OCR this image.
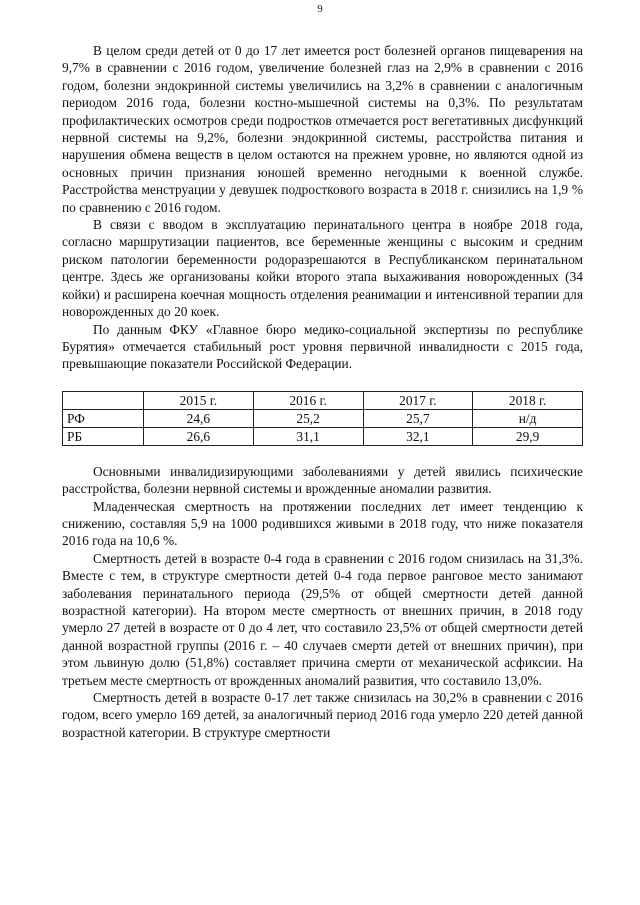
9

В целом среди детей от 0 до 17 лет имеется рост болезней органов пищеварения на 9,7% в сравнении с 2016 годом, увеличение болезней глаз на 2,9% в сравнении с 2016 годом, болезни эндокринной системы увеличились на 3,2% в сравнении с аналогичным периодом 2016 года, болезни костно-мышечной системы на 0,3%. По результатам профилактических осмотров среди подростков отмечается рост вегетативных дисфункций нервной системы на 9,2%, болезни эндокринной системы, расстройства питания и нарушения обмена веществ в целом остаются на прежнем уровне, но являются одной из основных причин признания юношей временно негодными к военной службе. Расстройства менструации у девушек подросткового возраста в 2018 г. снизились на 1,9 % по сравнению с 2016 годом.

В связи с вводом в эксплуатацию перинатального центра в ноябре 2018 года, согласно маршрутизации пациентов, все беременные женщины с высоким и средним риском патологии беременности родоразрешаются в Республиканском перинатальном центре. Здесь же организованы койки второго этапа выхаживания новорожденных (34 койки) и расширена коечная мощность отделения реанимации и интенсивной терапии для новорожденных до 20 коек.

По данным ФКУ «Главное бюро медико-социальной экспертизы по республике Бурятия» отмечается стабильный рост уровня первичной инвалидности с 2015 года, превышающие показатели Российской Федерации.

	2015 г.	2016 г.	2017 г.	2018 г.
РФ	24,6	25,2	25,7	н/д
РБ	26,6	31,1	32,1	29,9

Основными инвалидизирующими заболеваниями у детей явились психические расстройства, болезни нервной системы и врожденные аномалии развития.

Младенческая смертность на протяжении последних лет имеет тенденцию к снижению, составляя 5,9 на 1000 родившихся живыми в 2018 году, что ниже показателя 2016 года на 10,6 %.

Смертность детей в возрасте 0-4 года в сравнении с 2016 годом снизилась на 31,3%. Вместе с тем, в структуре смертности детей 0-4 года первое ранговое место занимают заболевания перинатального периода (29,5% от общей смертности детей данной возрастной категории). На втором месте смертность от внешних причин, в 2018 году умерло 27 детей в возрасте от 0 до 4 лет, что составило 23,5% от общей смертности детей данной возрастной группы (2016 г. – 40 случаев смерти детей от внешних причин), при этом львиную долю (51,8%) составляет причина смерти от механической асфиксии. На третьем месте смертность от врожденных аномалий развития, что составило 13,0%.

Смертность детей в возрасте 0-17 лет также снизилась на 30,2% в сравнении с 2016 годом, всего умерло 169 детей, за аналогичный период 2016 года умерло 220 детей данной возрастной категории. В структуре смертности
